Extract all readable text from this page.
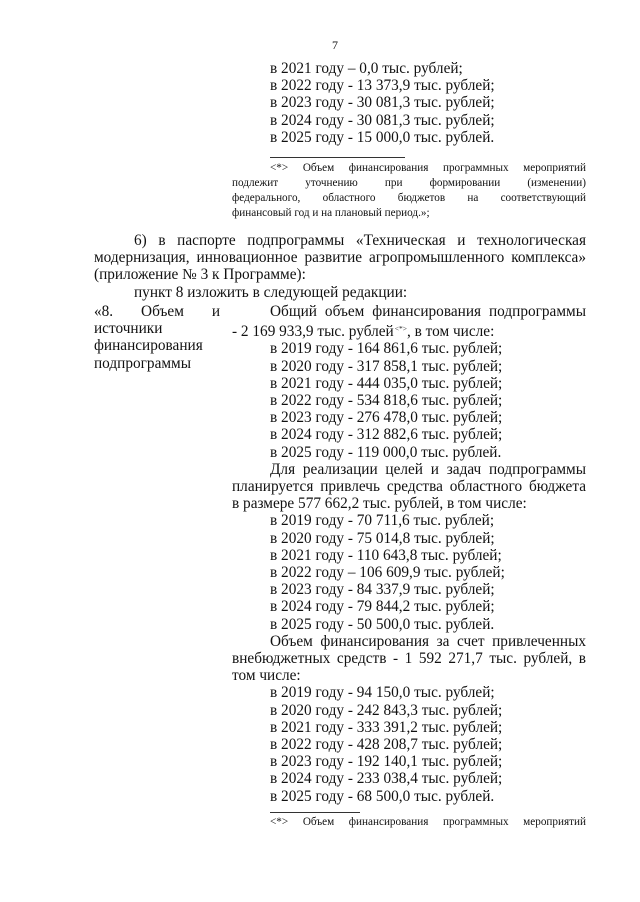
7
в 2021 году – 0,0 тыс. рублей;
в 2022 году - 13 373,9 тыс. рублей;
в 2023 году - 30 081,3 тыс. рублей;
в 2024 году - 30 081,3 тыс. рублей;
в 2025 году - 15 000,0 тыс. рублей.
<*> Объем финансирования программных мероприятий
подлежит уточнению при формировании (изменении)
федерального, областного бюджетов на соответствующий
финансовый год и на плановый период.»;
6) в паспорте подпрограммы «Техническая и технологическая
модернизация, инновационное развитие агропромышленного комплекса»
(приложение № 3 к Программе):
пункт 8 изложить в следующей редакции:
«8. Объем и
источники
финансирования
подпрограммы
Общий объем финансирования подпрограммы
- 2 169 933,9 тыс. рублей<*>, в том числе:
в 2019 году - 164 861,6 тыс. рублей;
в 2020 году - 317 858,1 тыс. рублей;
в 2021 году - 444 035,0 тыс. рублей;
в 2022 году - 534 818,6 тыс. рублей;
в 2023 году - 276 478,0 тыс. рублей;
в 2024 году - 312 882,6 тыс. рублей;
в 2025 году - 119 000,0 тыс. рублей.
Для реализации целей и задач подпрограммы
планируется привлечь средства областного бюджета
в размере 577 662,2 тыс. рублей, в том числе:
в 2019 году - 70 711,6 тыс. рублей;
в 2020 году - 75 014,8 тыс. рублей;
в 2021 году - 110 643,8 тыс. рублей;
в 2022 году – 106 609,9 тыс. рублей;
в 2023 году - 84 337,9 тыс. рублей;
в 2024 году - 79 844,2 тыс. рублей;
в 2025 году - 50 500,0 тыс. рублей.
Объем финансирования за счет привлеченных
внебюджетных средств - 1 592 271,7 тыс. рублей, в
том числе:
в 2019 году - 94 150,0 тыс. рублей;
в 2020 году - 242 843,3 тыс. рублей;
в 2021 году - 333 391,2 тыс. рублей;
в 2022 году - 428 208,7 тыс. рублей;
в 2023 году - 192 140,1 тыс. рублей;
в 2024 году - 233 038,4 тыс. рублей;
в 2025 году - 68 500,0 тыс. рублей.
<*> Объем финансирования программных мероприятий
